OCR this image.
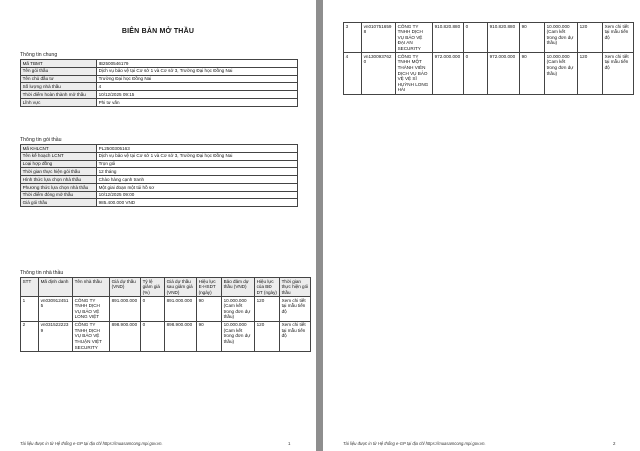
BIÊN BẢN MỞ THẦU
Thông tin chung
Mã TBMT	IB2500546179
Tên gói thầu	Dịch vụ bảo vệ tại Cơ sở 1 và Cơ sở 3, Trường Đại học Đồng Nai
Tên chủ đầu tư	Trường Đại học Đồng Nai
Số lượng nhà thầu	4
Thời điểm hoàn thành mở thầu	10/12/2025 09:15
Lĩnh vực	Phi tư vấn
Thông tin gói thầu
Mã KHLCNT	PL2500305163
Tên kế hoạch LCNT	Dịch vụ bảo vệ tại Cơ sở 1 và Cơ sở 3, Trường Đại học Đồng Nai
Loại hợp đồng	Trọn gói
Thời gian thực hiện gói thầu	12 tháng
Hình thức lựa chọn nhà thầu	Chào hàng cạnh tranh
Phương thức lựa chọn nhà thầu	Một giai đoạn một túi hồ sơ
Thời điểm đóng mở thầu	10/12/2025 09:00
Giá gói thầu	985.400.000 VND
Thông tin nhà thầu
STT	Mã định danh	Tên nhà thầu	Giá dự thầu (VND)	Tỷ lệ giảm giá (%)	Giá dự thầu sau giảm giá (VND)	Hiệu lực E-HSDT (ngày)	Bảo đảm dự thầu (VND)	Hiệu lực của BĐ DT (ngày)	Thời gian thực hiện gói thầu
1	vn0309124515	CÔNG TY TNHH DỊCH VỤ BẢO VỆ LONG VIỆT	891.000.000	0	891.000.000	90	10.000.000 (Cam kết trong đơn dự thầu)	120	Xem chi tiết tại mẫu tiến độ
2	vn0315222239	CÔNG TY TNHH DỊCH VỤ BẢO VỆ THUẬN VIỆT SECURITY	898.900.000	0	898.900.000	90	10.000.000 (Cam kết trong đơn dự thầu)	120	Xem chi tiết tại mẫu tiến độ
Tài liệu được in từ Hệ thống e-GP tại địa chỉ https://muasamcong.mpi.gov.vn.	1
3	vn0107516598	CÔNG TY TNHH DỊCH VỤ BẢO VỆ ĐẠI AN SECURITY	910.820.880	0	910.820.880	90	10.000.000 (Cam kết trong đơn dự thầu)	120	Xem chi tiết tại mẫu tiến độ
4	vn1300937620	CÔNG TY TNHH MỘT THÀNH VIÊN DỊCH VỤ BẢO VỆ VỆ SĨ HUỲNH LONG HẢI	972.000.000	0	972.000.000	90	10.000.000 (Cam kết trong đơn dự thầu)	120	Xem chi tiết tại mẫu tiến độ
Tài liệu được in từ Hệ thống e-GP tại địa chỉ https://muasamcong.mpi.gov.vn.	2
